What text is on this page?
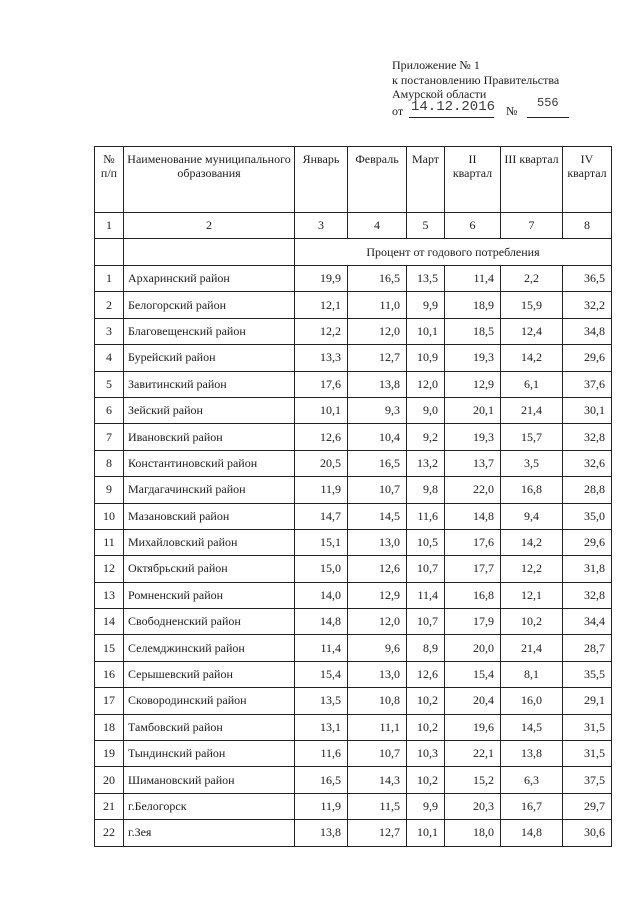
Приложение № 1
к постановлению Правительства
Амурской области
от 14.12.2016 №
556
№ п/п	Наименование муниципального образования	Январь	Февраль	Март	II квартал	III квартал	IV квартал
1	2	3	4	5	6	7	8
		Процент от годового потребления					
1	Архаринский район	19,9	16,5	13,5	11,4	2,2	36,5
2	Белогорский район	12,1	11,0	9,9	18,9	15,9	32,2
3	Благовещенский район	12,2	12,0	10,1	18,5	12,4	34,8
4	Бурейский район	13,3	12,7	10,9	19,3	14,2	29,6
5	Завитинский район	17,6	13,8	12,0	12,9	6,1	37,6
6	Зейский район	10,1	9,3	9,0	20,1	21,4	30,1
7	Ивановский район	12,6	10,4	9,2	19,3	15,7	32,8
8	Константиновский район	20,5	16,5	13,2	13,7	3,5	32,6
9	Магдагачинский район	11,9	10,7	9,8	22,0	16,8	28,8
10	Мазановский район	14,7	14,5	11,6	14,8	9,4	35,0
11	Михайловский район	15,1	13,0	10,5	17,6	14,2	29,6
12	Октябрьский район	15,0	12,6	10,7	17,7	12,2	31,8
13	Ромненский район	14,0	12,9	11,4	16,8	12,1	32,8
14	Свободненский район	14,8	12,0	10,7	17,9	10,2	34,4
15	Селемджинский район	11,4	9,6	8,9	20,0	21,4	28,7
16	Серышевский район	15,4	13,0	12,6	15,4	8,1	35,5
17	Сковородинский район	13,5	10,8	10,2	20,4	16,0	29,1
18	Тамбовский район	13,1	11,1	10,2	19,6	14,5	31,5
19	Тындинский район	11,6	10,7	10,3	22,1	13,8	31,5
20	Шимановский район	16,5	14,3	10,2	15,2	6,3	37,5
21	г.Белогорск	11,9	11,5	9,9	20,3	16,7	29,7
22	г.Зея	13,8	12,7	10,1	18,0	14,8	30,6
